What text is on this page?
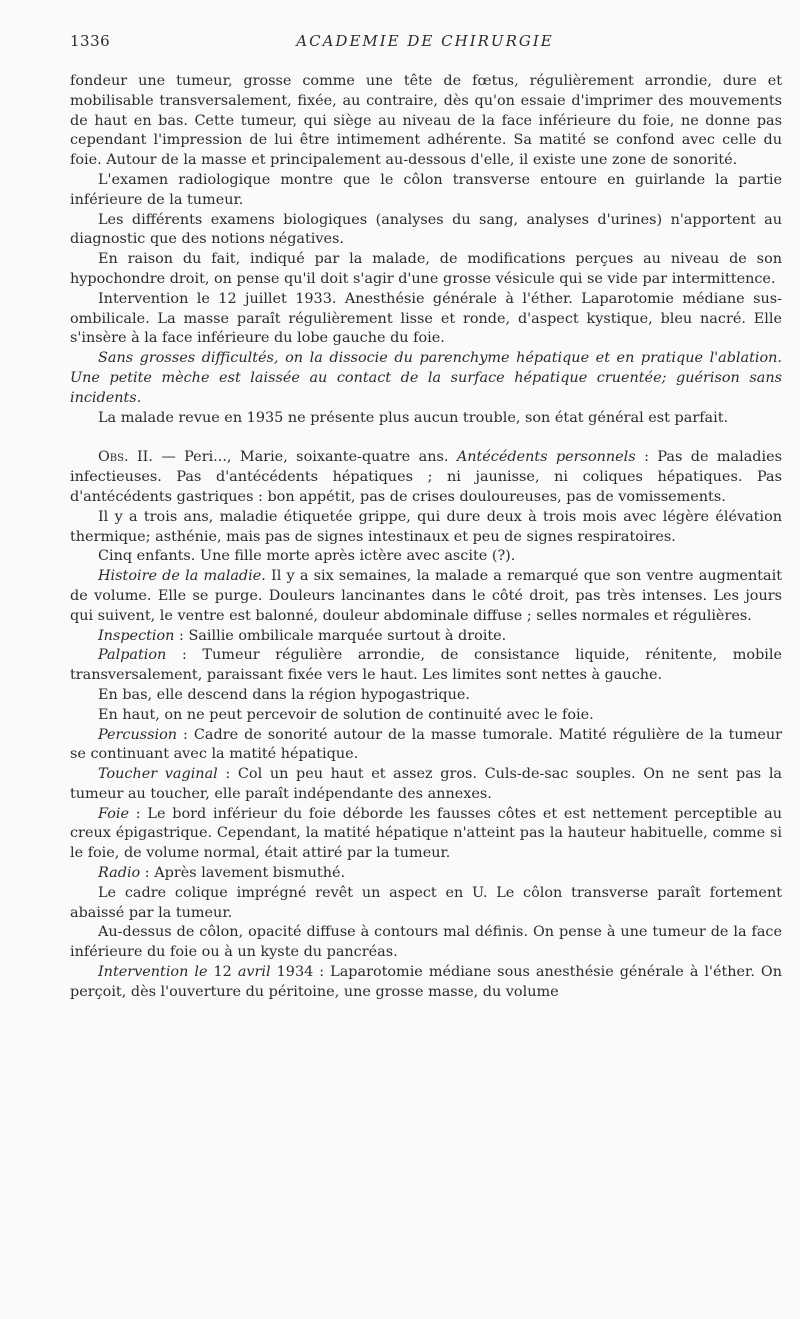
1336	ACADEMIE DE CHIRURGIE

fondeur une tumeur, grosse comme une tête de fœtus, régulièrement arrondie, dure et mobilisable transversalement, fixée, au contraire, dès qu'on essaie d'imprimer des mouvements de haut en bas. Cette tumeur, qui siège au niveau de la face inférieure du foie, ne donne pas cependant l'impression de lui être intimement adhérente. Sa matité se confond avec celle du foie. Autour de la masse et principalement au-dessous d'elle, il existe une zone de sonorité.

L'examen radiologique montre que le côlon transverse entoure en guirlande la partie inférieure de la tumeur.

Les différents examens biologiques (analyses du sang, analyses d'urines) n'apportent au diagnostic que des notions négatives.

En raison du fait, indiqué par la malade, de modifications perçues au niveau de son hypochondre droit, on pense qu'il doit s'agir d'une grosse vésicule qui se vide par intermittence.

Intervention le 12 juillet 1933. Anesthésie générale à l'éther. Laparotomie médiane sus-ombilicale. La masse paraît régulièrement lisse et ronde, d'aspect kystique, bleu nacré. Elle s'insère à la face inférieure du lobe gauche du foie.

Sans grosses difficultés, on la dissocie du parenchyme hépatique et en pratique l'ablation. Une petite mèche est laissée au contact de la surface hépatique cruentée; guérison sans incidents.

La malade revue en 1935 ne présente plus aucun trouble, son état général est parfait.

Obs. II. — Peri..., Marie, soixante-quatre ans. Antécédents personnels : Pas de maladies infectieuses. Pas d'antécédents hépatiques ; ni jaunisse, ni coliques hépatiques. Pas d'antécédents gastriques : bon appétit, pas de crises douloureuses, pas de vomissements.

Il y a trois ans, maladie étiquetée grippe, qui dure deux à trois mois avec légère élévation thermique; asthénie, mais pas de signes intestinaux et peu de signes respiratoires.

Cinq enfants. Une fille morte après ictère avec ascite (?).

Histoire de la maladie. Il y a six semaines, la malade a remarqué que son ventre augmentait de volume. Elle se purge. Douleurs lancinantes dans le côté droit, pas très intenses. Les jours qui suivent, le ventre est balonné, douleur abdominale diffuse ; selles normales et régulières.

Inspection : Saillie ombilicale marquée surtout à droite.

Palpation : Tumeur régulière arrondie, de consistance liquide, rénitente, mobile transversalement, paraissant fixée vers le haut. Les limites sont nettes à gauche.

En bas, elle descend dans la région hypogastrique.

En haut, on ne peut percevoir de solution de continuité avec le foie.

Percussion : Cadre de sonorité autour de la masse tumorale. Matité régulière de la tumeur se continuant avec la matité hépatique.

Toucher vaginal : Col un peu haut et assez gros. Culs-de-sac souples. On ne sent pas la tumeur au toucher, elle paraît indépendante des annexes.

Foie : Le bord inférieur du foie déborde les fausses côtes et est nettement perceptible au creux épigastrique. Cependant, la matité hépatique n'atteint pas la hauteur habituelle, comme si le foie, de volume normal, était attiré par la tumeur.

Radio : Après lavement bismuthé.

Le cadre colique imprégné revêt un aspect en U. Le côlon transverse paraît fortement abaissé par la tumeur.

Au-dessus de côlon, opacité diffuse à contours mal définis. On pense à une tumeur de la face inférieure du foie ou à un kyste du pancréas.

Intervention le 12 avril 1934 : Laparotomie médiane sous anesthésie générale à l'éther. On perçoit, dès l'ouverture du péritoine, une grosse masse, du volume
